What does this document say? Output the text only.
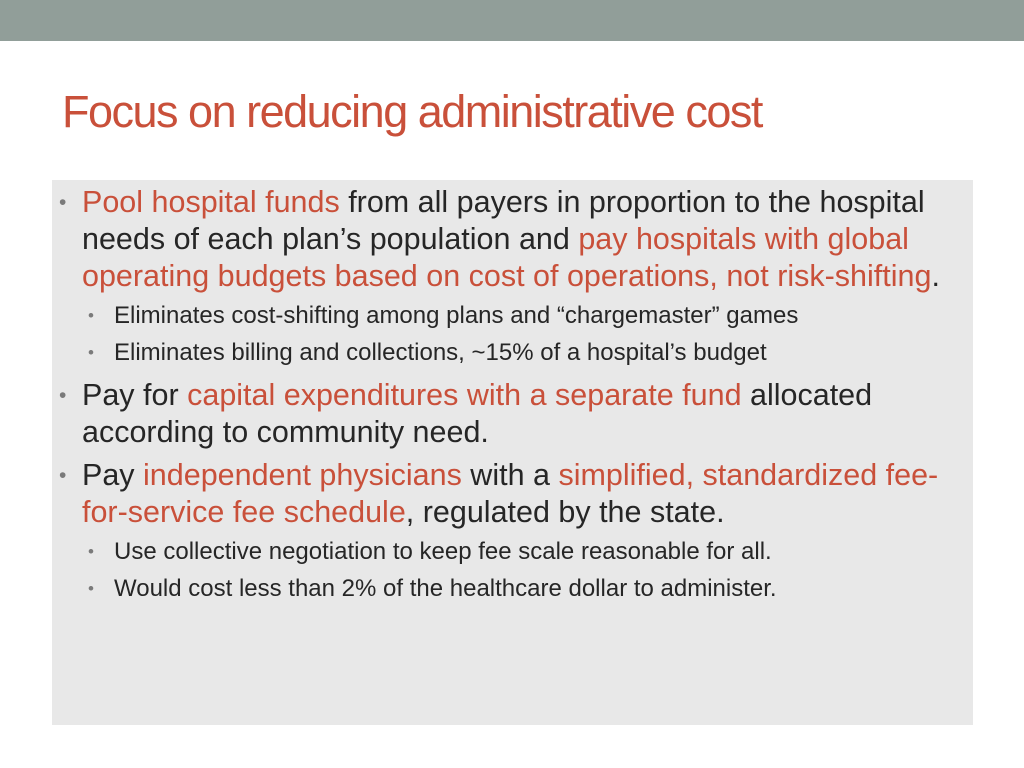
Focus on reducing administrative cost
• Pool hospital funds from all payers in proportion to the hospital needs of each plan’s population and pay hospitals with global operating budgets based on cost of operations, not risk-shifting.
• Eliminates cost-shifting among plans and “chargemaster” games
• Eliminates billing and collections, ~15% of a hospital’s budget
• Pay for capital expenditures with a separate fund allocated according to community need.
• Pay independent physicians with a simplified, standardized fee-for-service fee schedule, regulated by the state.
• Use collective negotiation to keep fee scale reasonable for all.
• Would cost less than 2% of the healthcare dollar to administer.
